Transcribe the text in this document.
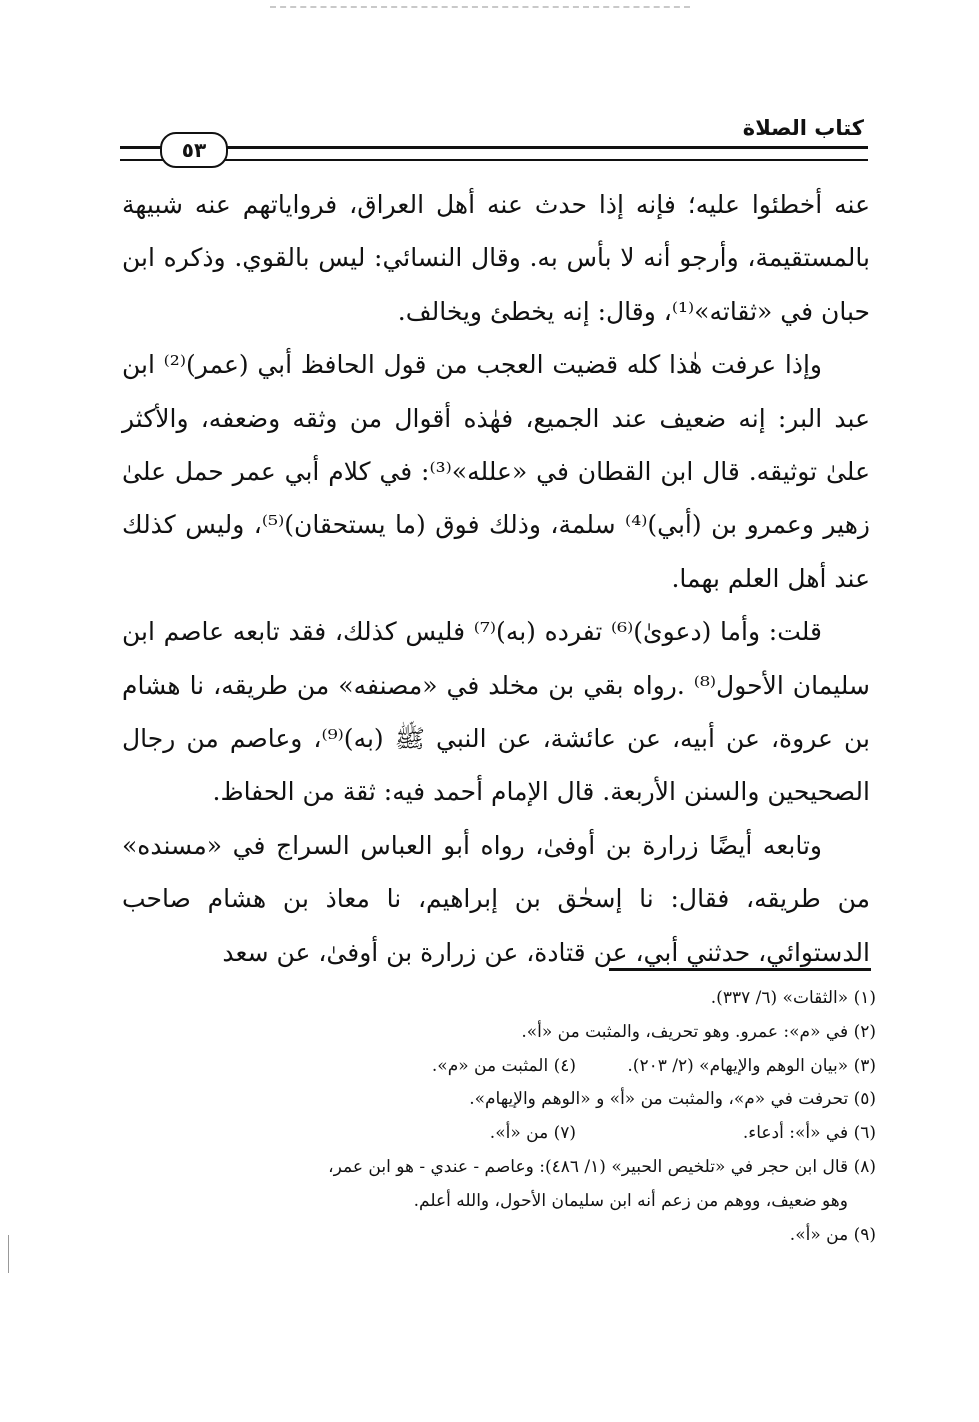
كتاب الصلاة
٥٣

عنه أخطئوا عليه؛ فإنه إذا حدث عنه أهل العراق، فرواياتهم عنه شبيهة بالمستقيمة، وأرجو أنه لا بأس به. وقال النسائي: ليس بالقوي. وذكره ابن حبان في «ثقاته»⁽¹⁾، وقال: إنه يخطئ ويخالف.

وإذا عرفت هٰذا كله قضيت العجب من قول الحافظ أبي (عمر)⁽²⁾ ابن عبد البر: إنه ضعيف عند الجميع، فهٰذه أقوال من وثقه وضعفه، والأكثر علىٰ توثيقه. قال ابن القطان في «علله»⁽³⁾: في كلام أبي عمر حمل علىٰ زهير وعمرو بن (أبي)⁽⁴⁾ سلمة، وذلك فوق (ما يستحقان)⁽⁵⁾، وليس كذلك عند أهل العلم بهما.

قلت: وأما (دعوىٰ)⁽⁶⁾ تفرده (به)⁽⁷⁾ فليس كذلك، فقد تابعه عاصم ابن سليمان الأحول⁽⁸⁾ .رواه بقي بن مخلد في «مصنفه» من طريقه، نا هشام بن عروة، عن أبيه، عن عائشة، عن النبي ﷺ (به)⁽⁹⁾، وعاصم من رجال الصحيحين والسنن الأربعة. قال الإمام أحمد فيه: ثقة من الحفاظ.

وتابعه أيضًا زرارة بن أوفىٰ، رواه أبو العباس السراج في «مسنده» من طريقه، فقال: نا إسحٰق بن إبراهيم، نا معاذ بن هشام صاحب الدستوائي، حدثني أبي، عن قتادة، عن زرارة بن أوفىٰ، عن سعد

(١) «الثقات» (٦/ ٣٣٧).
(٢) في «م»: عمرو. وهو تحريف، والمثبت من «أ».
(٣) «بيان الوهم والإيهام» (٢/ ٢٠٣).
(٤) المثبت من «م».
(٥) تحرفت في «م»، والمثبت من «أ» و «الوهم والإيهام».
(٦) في «أ»: أدعاء.
(٧) من «أ».
(٨) قال ابن حجر في «تلخيص الحبير» (١/ ٤٨٦): وعاصم - عندي - هو ابن عمر،
وهو ضعيف، ووهم من زعم أنه ابن سليمان الأحول، والله أعلم.
(٩) من «أ».
